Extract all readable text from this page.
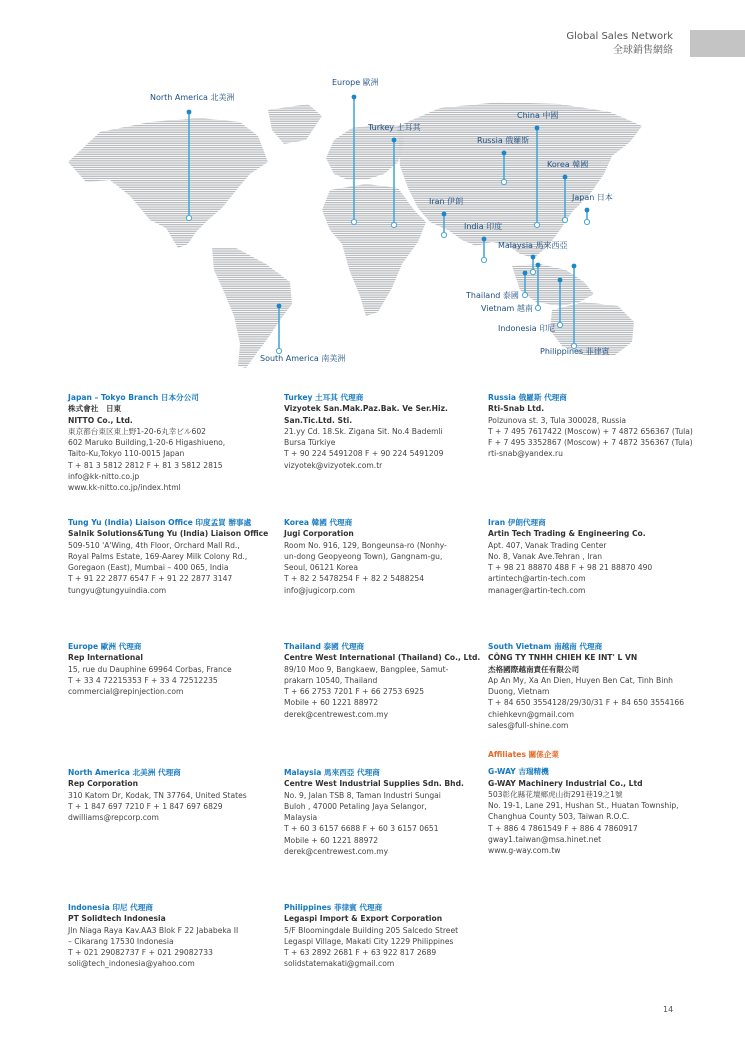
Global Sales Network
全球銷售網絡
North America 北美洲
Europe 歐洲
Turkey 土耳其
China 中國
Russia 俄羅斯
Korea 韓國
Japan 日本
Iran 伊朗
India 印度
Malaysia 馬來西亞
Thailand 泰國
Vietnam 越南
Indonesia 印尼
Philippines 菲律賓
South America 南美洲
Japan – Tokyo Branch 日本分公司
株式會社　日東
NITTO Co., Ltd.
東京都台東区東上野1-20-6丸幸ビル602
602 Maruko Building,1-20-6 Higashiueno,
Taito-Ku,Tokyo 110-0015 Japan
T + 81 3 5812 2812 F + 81 3 5812 2815
info@kk-nitto.co.jp
www.kk-nitto.co.jp/index.html
Turkey 土耳其 代理商
Vizyotek San.Mak.Paz.Bak. Ve Ser.Hiz.
San.Tic.Ltd. Sti.
21.yy Cd. 18.Sk. Zigana Sit. No.4 Bademli
Bursa Türkiye
T + 90 224 5491208 F + 90 224 5491209
vizyotek@vizyotek.com.tr
Russia 俄羅斯 代理商
Rti-Snab Ltd.
Polzunova st. 3, Tula 300028, Russia
T + 7 495 7617422 (Moscow) + 7 4872 656367 (Tula)
F + 7 495 3352867 (Moscow) + 7 4872 356367 (Tula)
rti-snab@yandex.ru
Tung Yu (India) Liaison Office 印度孟買 辦事處
Salnik Solutions&Tung Yu (India) Liaison Office
509-510 'A'Wing, 4th Floor, Orchard Mall Rd.,
Royal Palms Estate, 169-Aarey Milk Colony Rd.,
Goregaon (East), Mumbai – 400 065, India
T + 91 22 2877 6547 F + 91 22 2877 3147
tungyu@tungyuindia.com
Korea 韓國 代理商
Jugi Corporation
Room No. 916, 129, Bongeunsa-ro (Nonhy-
un-dong Geopyeong Town), Gangnam-gu,
Seoul, 06121 Korea
T + 82 2 5478254 F + 82 2 5488254
info@jugicorp.com
Iran 伊朗代理商
Artin Tech Trading & Engineering Co.
Apt. 407, Vanak Trading Center
No. 8, Vanak Ave.Tehran , Iran
T + 98 21 88870 488 F + 98 21 88870 490
artintech@artin-tech.com
manager@artin-tech.com
Europe 歐洲 代理商
Rep International
15, rue du Dauphine 69964 Corbas, France
T + 33 4 72215353 F + 33 4 72512235
commercial@repinjection.com
Thailand 泰國 代理商
Centre West International (Thailand) Co., Ltd.
89/10 Moo 9, Bangkaew, Bangplee, Samut-
prakarn 10540, Thailand
T + 66 2753 7201 F + 66 2753 6925
Mobile + 60 1221 88972
derek@centrewest.com.my
South Vietnam 南越南 代理商
CÔNG TY TNHH CHIEH KE INT' L VN
杰格國際越南責任有限公司
Ap An My, Xa An Dien, Huyen Ben Cat, Tinh Binh
Duong, Vietnam
T + 84 650 3554128/29/30/31 F + 84 650 3554166
chiehkevn@gmail.com
sales@full-shine.com
North America 北美洲 代理商
Rep Corporation
310 Katom Dr, Kodak, TN 37764, United States
T + 1 847 697 7210 F + 1 847 697 6829
dwilliams@repcorp.com
Malaysia 馬來西亞 代理商
Centre West Industrial Supplies Sdn. Bhd.
No. 9, Jalan TSB 8, Taman Industri Sungai
Buloh , 47000 Petaling Jaya Selangor,
Malaysia
T + 60 3 6157 6688 F + 60 3 6157 0651
Mobile + 60 1221 88972
derek@centrewest.com.my
Affiliates 關係企業
G-WAY 吉瑞精機
G-WAY Machinery Industrial Co., Ltd
503彰化縣花壇鄉虎山街291巷19之1號
No. 19-1, Lane 291, Hushan St., Huatan Township,
Changhua County 503, Taiwan R.O.C.
T + 886 4 7861549 F + 886 4 7860917
gway1.taiwan@msa.hinet.net
www.g-way.com.tw
Indonesia 印尼 代理商
PT Solidtech Indonesia
Jln Niaga Raya Kav.AA3 Blok F 22 Jababeka II
– Cikarang 17530 Indonesia
T + 021 29082737 F + 021 29082733
soli@tech_indonesia@yahoo.com
Philippines 菲律賓 代理商
Legaspi Import & Export Corporation
5/F Bloomingdale Building 205 Salcedo Street
Legaspi Village, Makati City 1229 Philippines
T + 63 2892 2681 F + 63 922 817 2689
solidstatemakati@gmail.com
14
